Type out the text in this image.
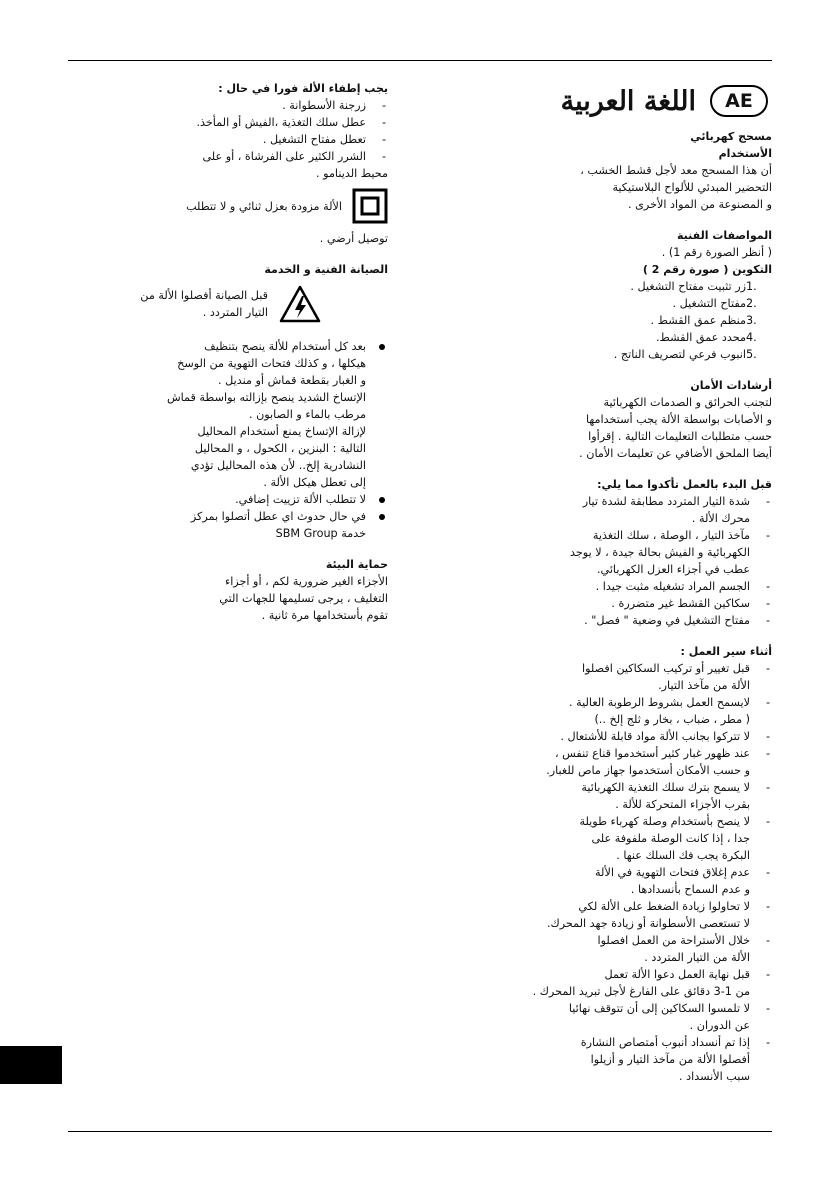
اللغة العربية	AE

مسحج كهربائي

الأستخدام

أن هذا المسحج معد لأجل قشط الخشب ،

التحضير المبدئي للألواح البلاستيكية

و المصنوعة من المواد الأخرى .

المواصفات الفنية

( أنظر الصورة رقم 1) .

التكوين ( صورة رقم 2 )

1.
زر تثبيت مفتاح التشغيل .
2.
مفتاح التشغيل .
3.
منظم عمق القشط .
4.
محدد عمق القشط.
5.
انبوب فرعي لتصريف الناتج .

أرشادات الأمان

لتجنب الحرائق و الصدمات الكهربائية

و الأصابات بواسطة الألة يجب أستخدامها

حسب متطلبات التعليمات التالية . إقرأوا

أيضا الملحق الأضافي عن تعليمات الأمان .

قبل البدء بالعمل تأكدوا مما يلي:

- شدة التيار المتردد مطابقة لشدة تيار
محرك الألة .
- مآخذ التيار ، الوصلة ، سلك التغذية
الكهربائية و الفيش بحالة جيدة ، لا يوجد
عطب في أجزاء العزل الكهربائي.
- الجسم المراد تشغيله مثبت جيدا .
- سكاكين القشط غير متضررة .
- مفتاح التشغيل في وضعية " فصل" .

أثناء سير العمل :

- قبل تغيير أو تركيب السكاكين افصلوا
الألة من مآخذ التيار.
- لايسمح العمل بشروط الرطوبة العالية .
( مطر ، ضباب ، بخار و ثلج إلخ ..)
- لا تتركوا بجانب الألة مواد قابلة للأشتعال .
- عند ظهور غبار كثير أستخدموا قناع تنفس ،
و حسب الأمكان أستخدموا جهاز ماص للغبار.
- لا يسمح بترك سلك التغذية الكهربائية
بقرب الأجزاء المتحركة للألة .
- لا ينصح بأستخدام وصلة كهرباء طويلة
جدا ، إذا كانت الوصلة ملفوفة على
البكرة يجب فك السلك عنها .
- عدم إغلاق فتحات التهوية في الألة
و عدم السماح بأنسدادها .
- لا تحاولوا زيادة الضغط على الألة لكي
لا تستعصى الأسطوانة أو زيادة جهد المحرك.
- خلال الأستراحة من العمل افصلوا
الألة من التيار المتردد .
- قبل نهاية العمل دعوا الألة تعمل
من 1-3 دقائق على الفارغ لأجل تبريد المحرك .
- لا تلمسوا السكاكين إلى أن تتوقف نهائيا
عن الدوران .
- إذا تم أنسداد أنبوب أمتصاص النشارة
أفصلوا الألة من مآخذ التيار و أزيلوا
سبب الأنسداد .

يجب إطفاء الألة فورا في حال :

- زرجنة الأسطوانة .
- عطل سلك التغذية ،الفيش أو المأخذ.
- تعطل مفتاح التشغيل .
- الشرر الكثير على الفرشاة ، أو على

محيط الدينامو .

الألة مزودة بعزل ثنائي و لا تتطلب

توصيل أرضي .

الصيانة الفنية و الخدمة

قبل الصيانة أفصلوا الألة من التيار المتردد .

بعد كل أستخدام للألة ينصح بتنظيف
هيكلها ، و كذلك فتحات التهوية من الوسخ
و الغبار بقطعة قماش أو منديل .
الإتساخ الشديد ينصح بإزالته بواسطة قماش
مرطب بالماء و الصابون .
لإزالة الإتساخ يمنع أستخدام المحاليل
التالية : البنزين ، الكحول ، و المحاليل
النشادرية إلخ.. لأن هذه المحاليل تؤدي
إلى تعطل هيكل الألة .
لا تتطلب الألة تزييت إضافي.
في حال حدوث اي عطل أتصلوا بمركز
خدمة SBM Group

حماية البيئة

الأجزاء الغير ضرورية لكم ، أو أجزاء

التغليف ، يرجى تسليمها للجهات التي

تقوم بأستخدامها مرة ثانية .
